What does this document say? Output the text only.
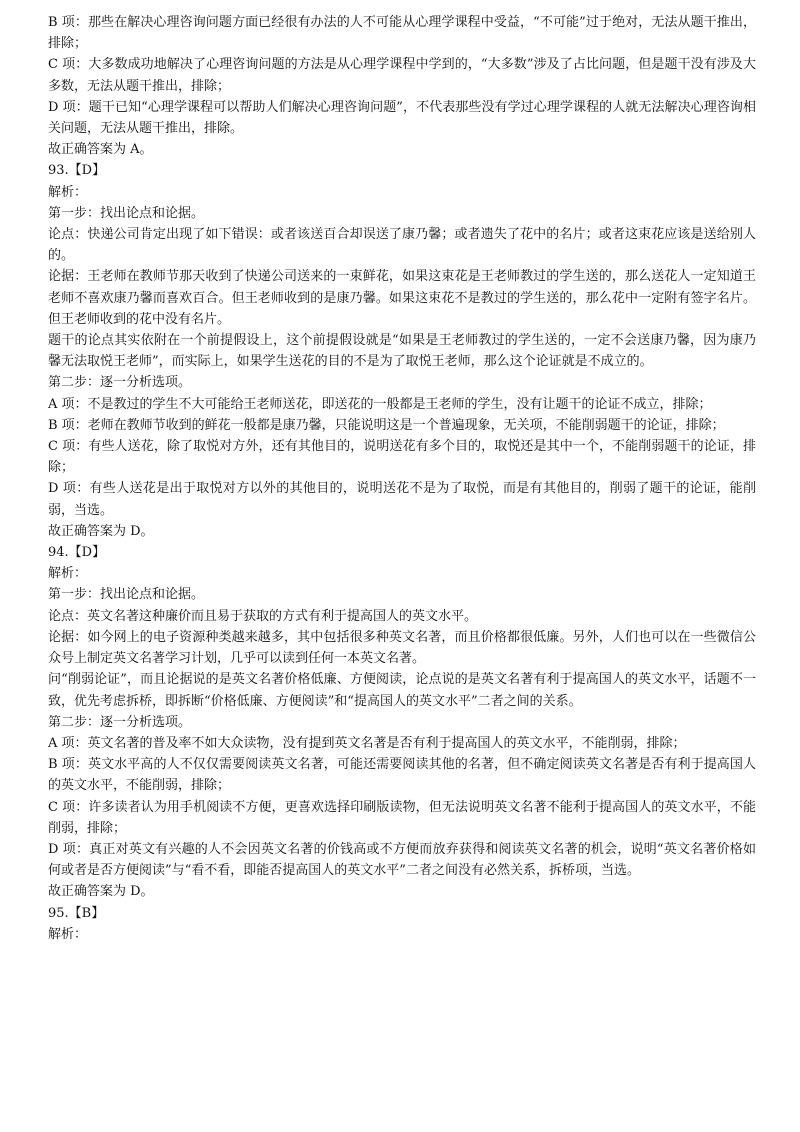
B 项：那些在解决心理咨询问题方面已经很有办法的人不可能从心理学课程中受益，“不可能”过于绝对，无法从题干推出，排除；

C 项：大多数成功地解决了心理咨询问题的方法是从心理学课程中学到的，“大多数”涉及了占比问题，但是题干没有涉及大多数，无法从题干推出，排除；

D 项：题干已知“心理学课程可以帮助人们解决心理咨询问题”，不代表那些没有学过心理学课程的人就无法解决心理咨询相关问题，无法从题干推出，排除。

故正确答案为 A。

93.【D】

解析：

第一步：找出论点和论据。

论点：快递公司肯定出现了如下错误：或者该送百合却误送了康乃馨；或者遗失了花中的名片；或者这束花应该是送给别人的。

论据：王老师在教师节那天收到了快递公司送来的一束鲜花，如果这束花是王老师教过的学生送的，那么送花人一定知道王老师不喜欢康乃馨而喜欢百合。但王老师收到的是康乃馨。如果这束花不是教过的学生送的，那么花中一定附有签字名片。但王老师收到的花中没有名片。

题干的论点其实依附在一个前提假设上，这个前提假设就是“如果是王老师教过的学生送的，一定不会送康乃馨，因为康乃馨无法取悦王老师”，而实际上，如果学生送花的目的不是为了取悦王老师，那么这个论证就是不成立的。

第二步：逐一分析选项。

A 项：不是教过的学生不大可能给王老师送花，即送花的一般都是王老师的学生，没有让题干的论证不成立，排除；

B 项：老师在教师节收到的鲜花一般都是康乃馨，只能说明这是一个普遍现象，无关项，不能削弱题干的论证，排除；

C 项：有些人送花，除了取悦对方外，还有其他目的，说明送花有多个目的，取悦还是其中一个，不能削弱题干的论证，排除；

D 项：有些人送花是出于取悦对方以外的其他目的，说明送花不是为了取悦，而是有其他目的，削弱了题干的论证，能削弱，当选。

故正确答案为 D。

94.【D】

解析：

第一步：找出论点和论据。

论点：英文名著这种廉价而且易于获取的方式有利于提高国人的英文水平。

论据：如今网上的电子资源种类越来越多，其中包括很多种英文名著，而且价格都很低廉。另外，人们也可以在一些微信公众号上制定英文名著学习计划，几乎可以读到任何一本英文名著。

问“削弱论证”，而且论据说的是英文名著价格低廉、方便阅读，论点说的是英文名著有利于提高国人的英文水平，话题不一致，优先考虑拆桥，即拆断“价格低廉、方便阅读”和“提高国人的英文水平”二者之间的关系。

第二步：逐一分析选项。

A 项：英文名著的普及率不如大众读物，没有提到英文名著是否有利于提高国人的英文水平，不能削弱，排除；

B 项：英文水平高的人不仅仅需要阅读英文名著，可能还需要阅读其他的名著，但不确定阅读英文名著是否有利于提高国人的英文水平，不能削弱，排除；

C 项：许多读者认为用手机阅读不方便，更喜欢选择印刷版读物，但无法说明英文名著不能利于提高国人的英文水平，不能削弱，排除；

D 项：真正对英文有兴趣的人不会因英文名著的价钱高或不方便而放弃获得和阅读英文名著的机会，说明“英文名著价格如何或者是否方便阅读”与“看不看，即能否提高国人的英文水平”二者之间没有必然关系，拆桥项，当选。

故正确答案为 D。

95.【B】

解析：
